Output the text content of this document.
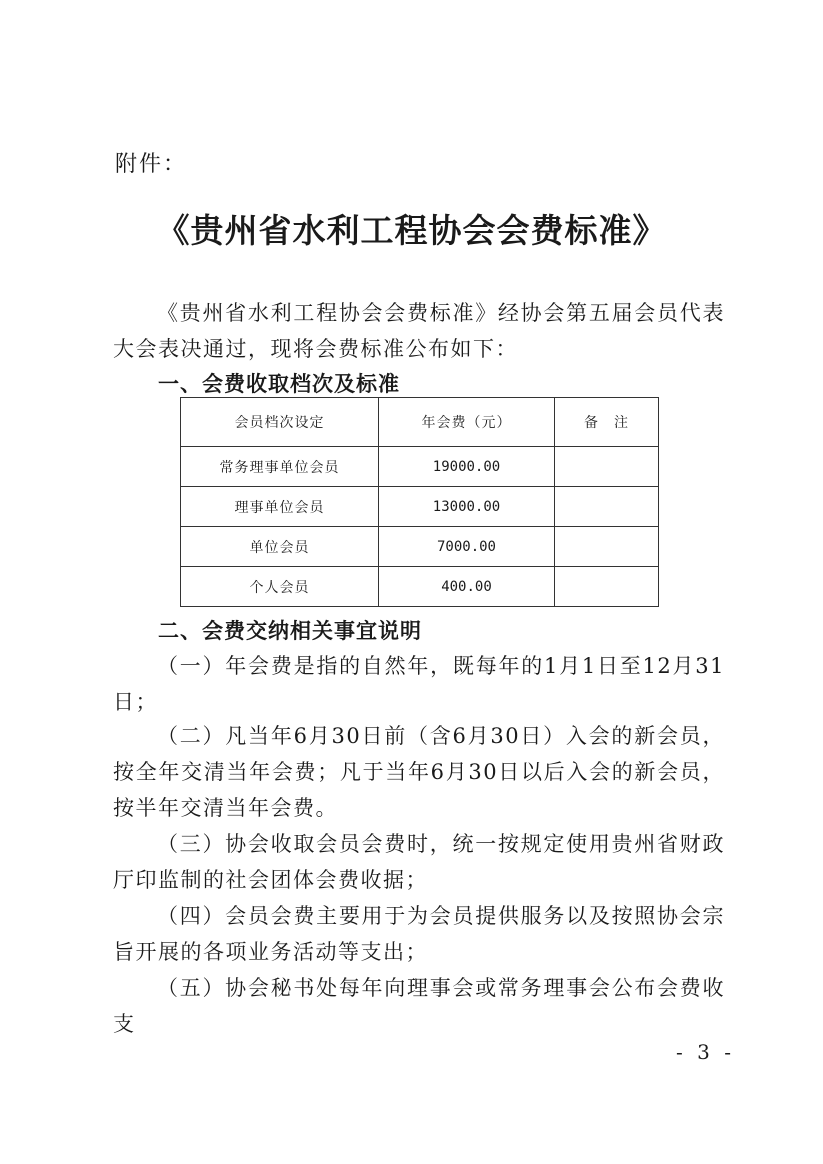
附件：
《贵州省水利工程协会会费标准》
《贵州省水利工程协会会费标准》经协会第五届会员代表大会表决通过，现将会费标准公布如下：
一、会费收取档次及标准
会员档次设定	年会费（元）	备　注
常务理事单位会员	19000.00	
理事单位会员	13000.00	
单位会员	7000.00	
个人会员	400.00	
二、会费交纳相关事宜说明
（一）年会费是指的自然年，既每年的1月1日至12月31日；
（二）凡当年6月30日前（含6月30日）入会的新会员，按全年交清当年会费；凡于当年6月30日以后入会的新会员，按半年交清当年会费。
（三）协会收取会员会费时，统一按规定使用贵州省财政厅印监制的社会团体会费收据；
（四）会员会费主要用于为会员提供服务以及按照协会宗旨开展的各项业务活动等支出；
（五）协会秘书处每年向理事会或常务理事会公布会费收支
- 3 -
